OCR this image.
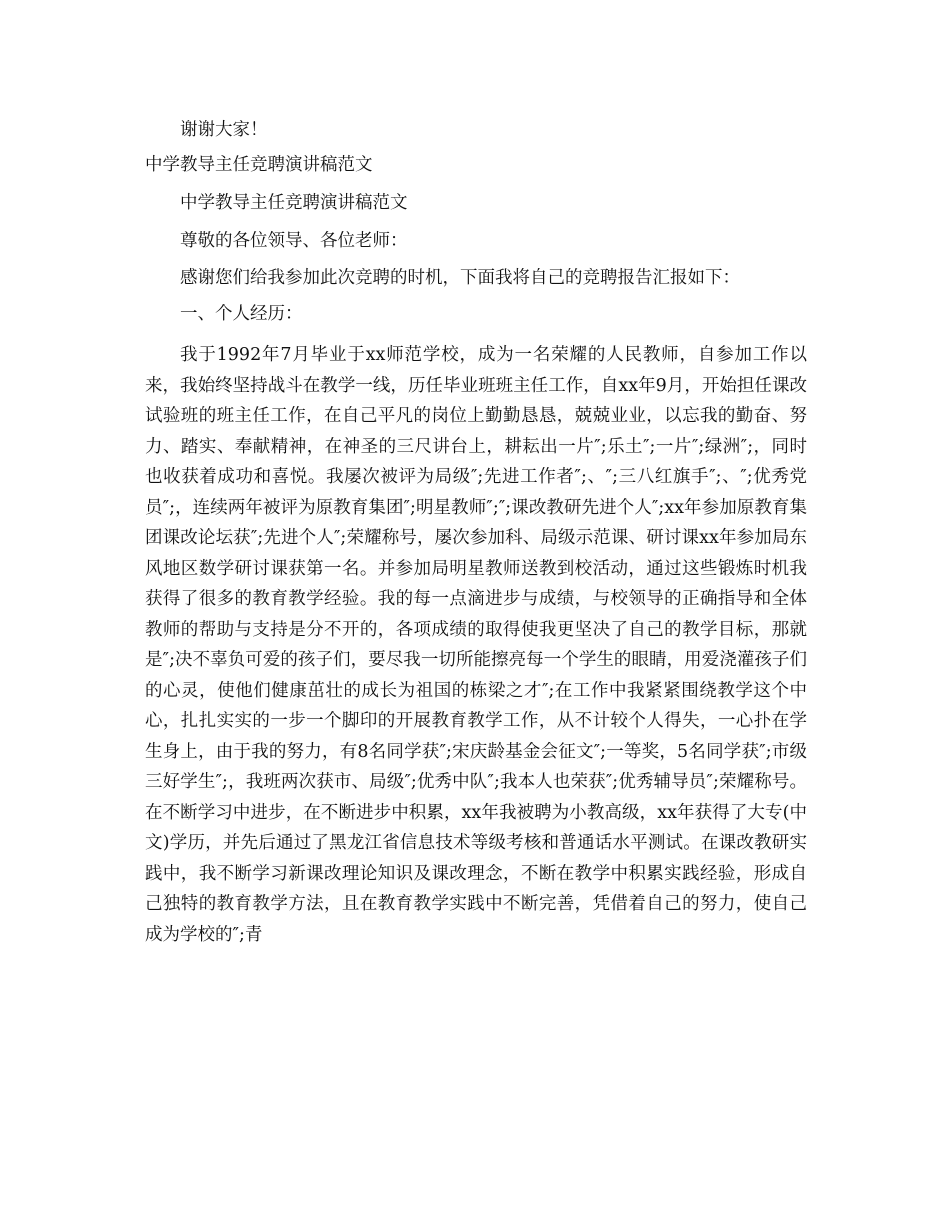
谢谢大家！

中学教导主任竞聘演讲稿范文

中学教导主任竞聘演讲稿范文

尊敬的各位领导、各位老师：

感谢您们给我参加此次竞聘的时机，下面我将自己的竞聘报告汇报如下：

一、个人经历：

我于1992年7月毕业于xx师范学校，成为一名荣耀的人民教师，自参加工作以来，我始终坚持战斗在教学一线，历任毕业班班主任工作，自xx年9月，开始担任课改试验班的班主任工作，在自己平凡的岗位上勤勤恳恳，兢兢业业，以忘我的勤奋、努力、踏实、奉献精神，在神圣的三尺讲台上，耕耘出一片″;乐土″;一片″;绿洲″;，同时也收获着成功和喜悦。我屡次被评为局级″;先进工作者″;、″;三八红旗手″;、″;优秀党员″;，连续两年被评为原教育集团″;明星教师″;″;课改教研先进个人″;xx年参加原教育集团课改论坛获″;先进个人″;荣耀称号，屡次参加科、局级示范课、研讨课xx年参加局东风地区数学研讨课获第一名。并参加局明星教师送教到校活动，通过这些锻炼时机我获得了很多的教育教学经验。我的每一点滴进步与成绩，与校领导的正确指导和全体教师的帮助与支持是分不开的，各项成绩的取得使我更坚决了自己的教学目标，那就是″;决不辜负可爱的孩子们，要尽我一切所能擦亮每一个学生的眼睛，用爱浇灌孩子们的心灵，使他们健康茁壮的成长为祖国的栋梁之才″;在工作中我紧紧围绕教学这个中心，扎扎实实的一步一个脚印的开展教育教学工作，从不计较个人得失，一心扑在学生身上，由于我的努力，有8名同学获″;宋庆龄基金会征文″;一等奖，5名同学获″;市级三好学生″;，我班两次获市、局级″;优秀中队″;我本人也荣获″;优秀辅导员″;荣耀称号。在不断学习中进步，在不断进步中积累，xx年我被聘为小教高级，xx年获得了大专(中文)学历，并先后通过了黑龙江省信息技术等级考核和普通话水平测试。在课改教研实践中，我不断学习新课改理论知识及课改理念，不断在教学中积累实践经验，形成自己独特的教育教学方法，且在教育教学实践中不断完善，凭借着自己的努力，使自己成为学校的″;青
